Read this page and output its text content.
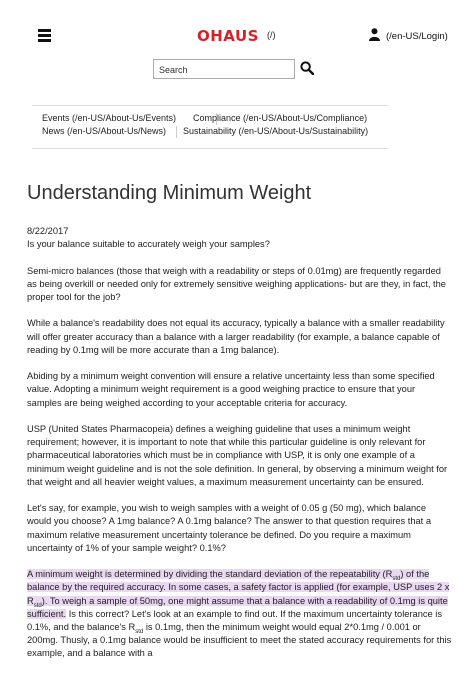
OHAUS (/)	(/en-US/Login)
Search
Events (/en-US/About-Us/Events) Compliance (/en-US/About-Us/Compliance)
News (/en-US/About-Us/News) Sustainability (/en-US/About-Us/Sustainability)
Understanding Minimum Weight
8/22/2017

Is your balance suitable to accurately weigh your samples?

Semi-micro balances (those that weigh with a readability or steps of 0.01mg) are frequently regarded as being overkill or needed only for extremely sensitive weighing applications- but are they, in fact, the proper tool for the job?

While a balance's readability does not equal its accuracy, typically a balance with a smaller readability will offer greater accuracy than a balance with a larger readability (for example, a balance capable of reading by 0.1mg will be more accurate than a 1mg balance).

Abiding by a minimum weight convention will ensure a relative uncertainty less than some specified value. Adopting a minimum weight requirement is a good weighing practice to ensure that your samples are being weighed according to your acceptable criteria for accuracy.

USP (United States Pharmacopeia) defines a weighing guideline that uses a minimum weight requirement; however, it is important to note that while this particular guideline is only relevant for pharmaceutical laboratories which must be in compliance with USP, it is only one example of a minimum weight guideline and is not the sole definition. In general, by observing a minimum weight for that weight and all heavier weight values, a maximum measurement uncertainty can be ensured.

Let's say, for example, you wish to weigh samples with a weight of 0.05 g (50 mg), which balance would you choose? A 1mg balance? A 0.1mg balance? The answer to that question requires that a maximum relative measurement uncertainty tolerance be defined. Do you require a maximum uncertainty of 1% of your sample weight? 0.1%?

A minimum weight is determined by dividing the standard deviation of the repeatability $(R_{std})$ of the balance by the required accuracy. In some cases, a safety factor is applied (for example, USP uses 2 x $R_{std}$). To weigh a sample of 50mg, one might assume that a balance with a readability of 0.1mg is quite sufficient. Is this correct? Let's look at an example to find out. If the maximum uncertainty tolerance is 0.1%, and the balance's $R_{std}$ is 0.1mg, then the minimum weight would equal 2*0.1mg / 0.001 or 200mg. Thusly, a 0.1mg balance would be insufficient to meet the stated accuracy requirements for this example, and a balance with a
